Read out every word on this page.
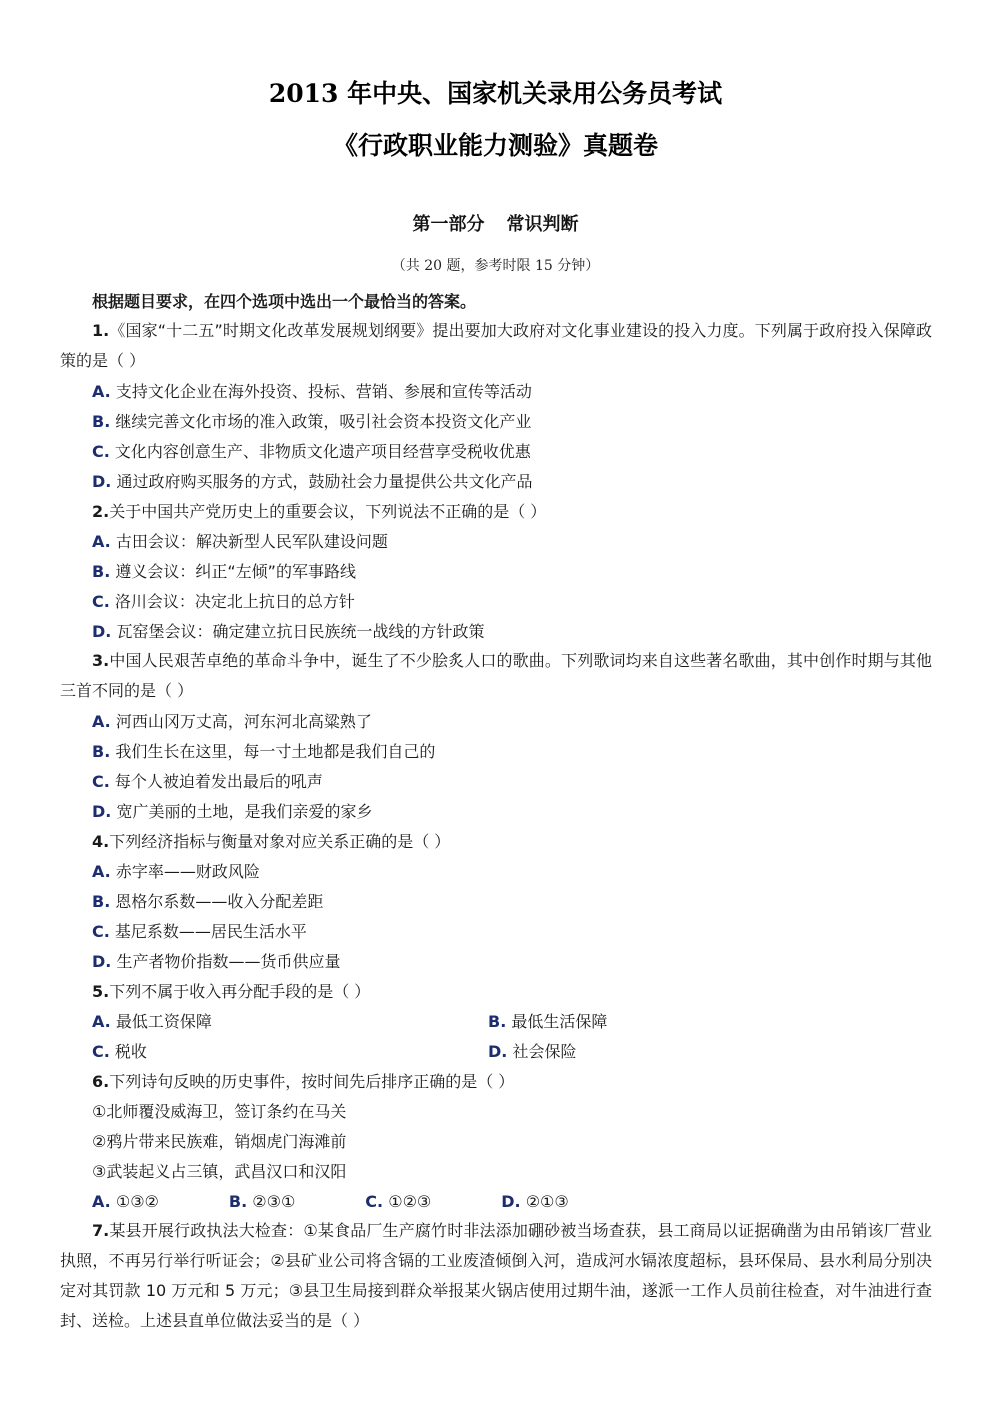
2013 年中央、国家机关录用公务员考试
《行政职业能力测验》真题卷
第一部分 常识判断
（共 20 题，参考时限 15 分钟）
根据题目要求，在四个选项中选出一个最恰当的答案。
1.《国家“十二五”时期文化改革发展规划纲要》提出要加大政府对文化事业建设的投入力度。下列属于政府投入保障政策的是（ ）
A. 支持文化企业在海外投资、投标、营销、参展和宣传等活动
B. 继续完善文化市场的准入政策，吸引社会资本投资文化产业
C. 文化内容创意生产、非物质文化遗产项目经营享受税收优惠
D. 通过政府购买服务的方式，鼓励社会力量提供公共文化产品
2.关于中国共产党历史上的重要会议，下列说法不正确的是（ ）
A. 古田会议：解决新型人民军队建设问题
B. 遵义会议：纠正“左倾”的军事路线
C. 洛川会议：决定北上抗日的总方针
D. 瓦窑堡会议：确定建立抗日民族统一战线的方针政策
3.中国人民艰苦卓绝的革命斗争中，诞生了不少脍炙人口的歌曲。下列歌词均来自这些著名歌曲，其中创作时期与其他三首不同的是（ ）
A. 河西山冈万丈高，河东河北高粱熟了
B. 我们生长在这里，每一寸土地都是我们自己的
C. 每个人被迫着发出最后的吼声
D. 宽广美丽的土地，是我们亲爱的家乡
4.下列经济指标与衡量对象对应关系正确的是（ ）
A. 赤字率——财政风险
B. 恩格尔系数——收入分配差距
C. 基尼系数——居民生活水平
D. 生产者物价指数——货币供应量
5.下列不属于收入再分配手段的是（ ）
A. 最低工资保障	B. 最低生活保障
C. 税收	D. 社会保险
6.下列诗句反映的历史事件，按时间先后排序正确的是（ ）
①北师覆没威海卫，签订条约在马关
②鸦片带来民族难，销烟虎门海滩前
③武装起义占三镇，武昌汉口和汉阳
A. ①③②	B. ②③①	C. ①②③	D. ②①③
7.某县开展行政执法大检查：①某食品厂生产腐竹时非法添加硼砂被当场查获，县工商局以证据确凿为由吊销该厂营业执照，不再另行举行听证会；②县矿业公司将含镉的工业废渣倾倒入河，造成河水镉浓度超标，县环保局、县水利局分别决定对其罚款 10 万元和 5 万元；③县卫生局接到群众举报某火锅店使用过期牛油，遂派一工作人员前往检查，对牛油进行查封、送检。上述县直单位做法妥当的是（ ）
